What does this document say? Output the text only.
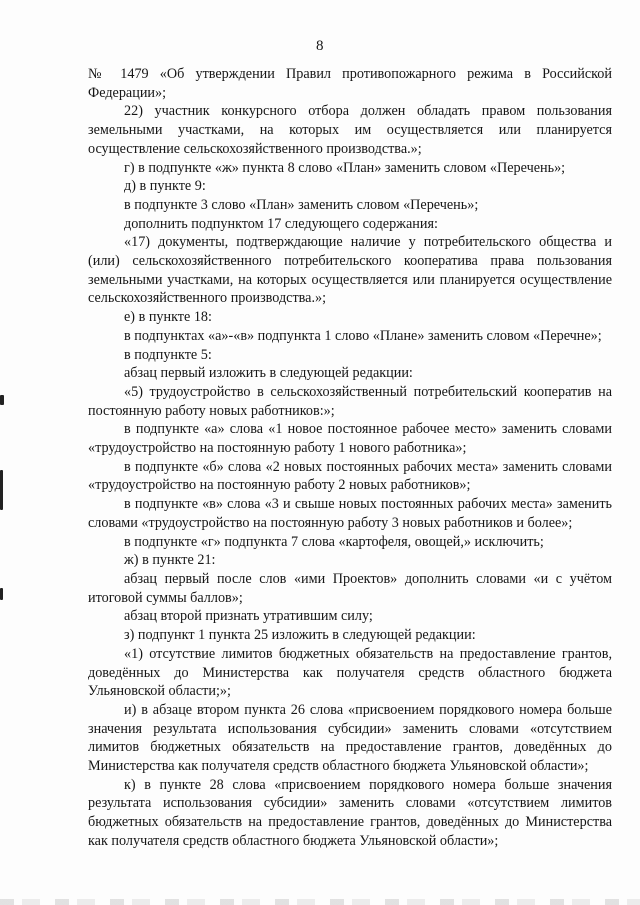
8

№ 1479 «Об утверждении Правил противопожарного режима в Российской Федерации»;

22) участник конкурсного отбора должен обладать правом пользования земельными участками, на которых им осуществляется или планируется осуществление сельскохозяйственного производства.»;

г) в подпункте «ж» пункта 8 слово «План» заменить словом «Перечень»;

д) в пункте 9:

в подпункте 3 слово «План» заменить словом «Перечень»;

дополнить подпунктом 17 следующего содержания:

«17) документы, подтверждающие наличие у потребительского общества и (или) сельскохозяйственного потребительского кооператива права пользования земельными участками, на которых осуществляется или планируется осуществление сельскохозяйственного производства.»;

е) в пункте 18:

в подпунктах «а»-«в» подпункта 1 слово «Плане» заменить словом «Перечне»;

в подпункте 5:

абзац первый изложить в следующей редакции:

«5) трудоустройство в сельскохозяйственный потребительский кооператив на постоянную работу новых работников:»;

в подпункте «а» слова «1 новое постоянное рабочее место» заменить словами «трудоустройство на постоянную работу 1 нового работника»;

в подпункте «б» слова «2 новых постоянных рабочих места» заменить словами «трудоустройство на постоянную работу 2 новых работников»;

в подпункте «в» слова «3 и свыше новых постоянных рабочих места» заменить словами «трудоустройство на постоянную работу 3 новых работников и более»;

в подпункте «г» подпункта 7 слова «картофеля, овощей,» исключить;

ж) в пункте 21:

абзац первый после слов «ими Проектов» дополнить словами «и с учётом итоговой суммы баллов»;

абзац второй признать утратившим силу;

з) подпункт 1 пункта 25 изложить в следующей редакции:

«1) отсутствие лимитов бюджетных обязательств на предоставление грантов, доведённых до Министерства как получателя средств областного бюджета Ульяновской области;»;

и) в абзаце втором пункта 26 слова «присвоением порядкового номера больше значения результата использования субсидии» заменить словами «отсутствием лимитов бюджетных обязательств на предоставление грантов, доведённых до Министерства как получателя средств областного бюджета Ульяновской области»;

к) в пункте 28 слова «присвоением порядкового номера больше значения результата использования субсидии» заменить словами «отсутствием лимитов бюджетных обязательств на предоставление грантов, доведённых до Министерства как получателя средств областного бюджета Ульяновской области»;
